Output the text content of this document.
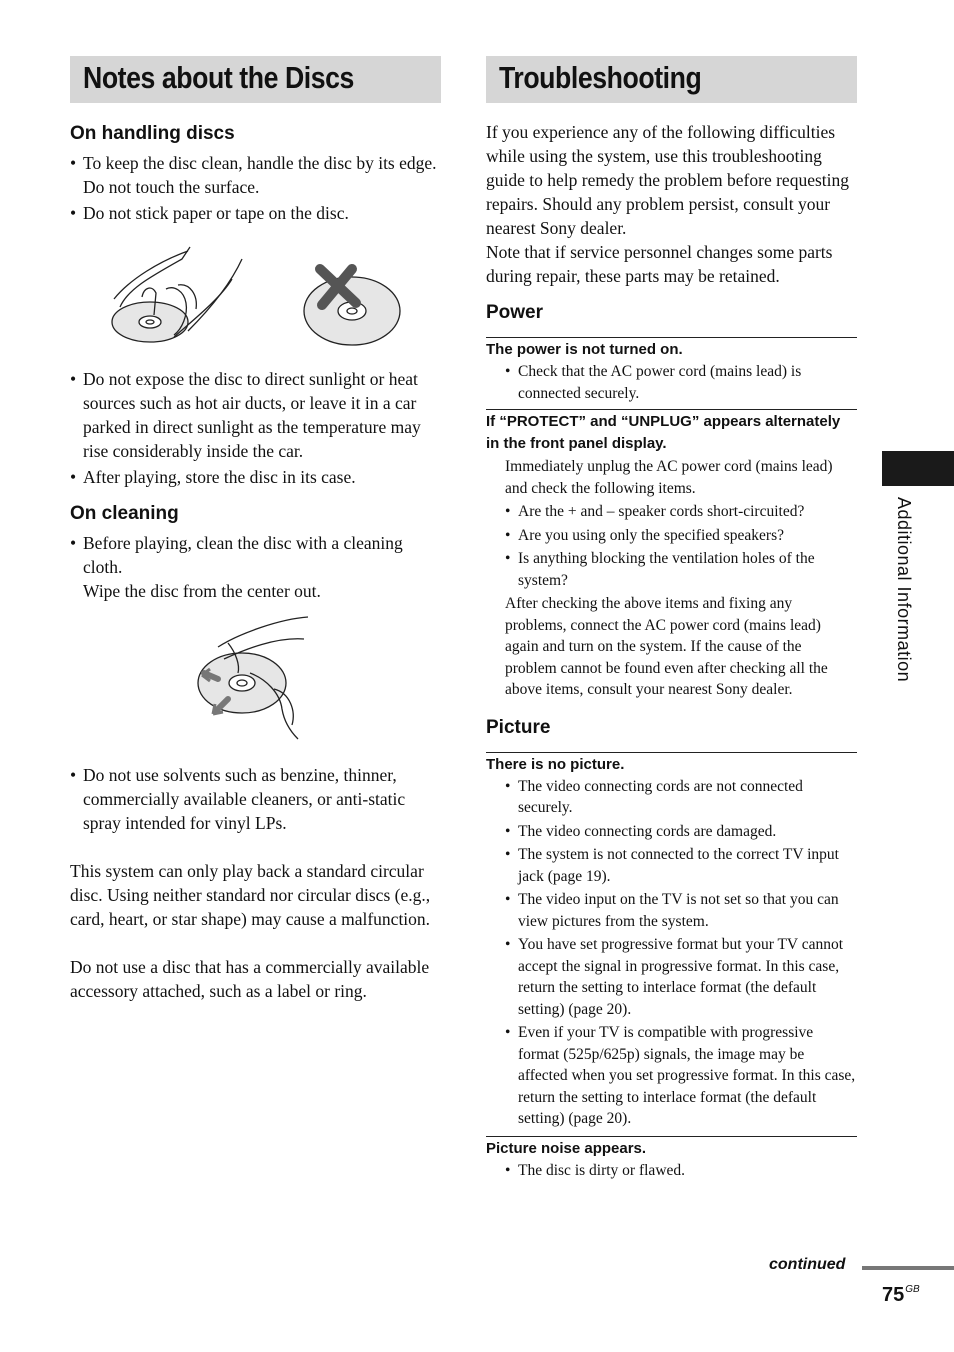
Notes about the Discs
On handling discs

• To keep the disc clean, handle the disc by its edge. Do not touch the surface.

• Do not stick paper or tape on the disc.

• Do not expose the disc to direct sunlight or heat sources such as hot air ducts, or leave it in a car parked in direct sunlight as the temperature may rise considerably inside the car.

• After playing, store the disc in its case.

On cleaning

• Before playing, clean the disc with a cleaning cloth.

Wipe the disc from the center out.

• Do not use solvents such as benzine, thinner, commercially available cleaners, or anti-static spray intended for vinyl LPs.

This system can only play back a standard circular disc. Using neither standard nor circular discs (e.g., card, heart, or star shape) may cause a malfunction.

Do not use a disc that has a commercially available accessory attached, such as a label or ring.

Troubleshooting

If you experience any of the following difficulties while using the system, use this troubleshooting guide to help remedy the problem before requesting repairs. Should any problem persist, consult your nearest Sony dealer.

Note that if service personnel changes some parts during repair, these parts may be retained.

Power

The power is not turned on.

• Check that the AC power cord (mains lead) is connected securely.

If “PROTECT” and “UNPLUG” appears alternately in the front panel display.

Immediately unplug the AC power cord (mains lead) and check the following items.

• Are the + and – speaker cords short-circuited?

• Are you using only the specified speakers?

• Is anything blocking the ventilation holes of the system?

After checking the above items and fixing any problems, connect the AC power cord (mains lead) again and turn on the system. If the cause of the problem cannot be found even after checking all the above items, consult your nearest Sony dealer.

Picture

There is no picture.

• The video connecting cords are not connected securely.

• The video connecting cords are damaged.

• The system is not connected to the correct TV input jack (page 19).

• The video input on the TV is not set so that you can view pictures from the system.

• You have set progressive format but your TV cannot accept the signal in progressive format. In this case, return the setting to interlace format (the default setting) (page 20).

• Even if your TV is compatible with progressive format (525p/625p) signals, the image may be affected when you set progressive format. In this case, return the setting to interlace format (the default setting) (page 20).

Picture noise appears.

• The disc is dirty or flawed.

Additional Information
continued
$75^{GB}$
